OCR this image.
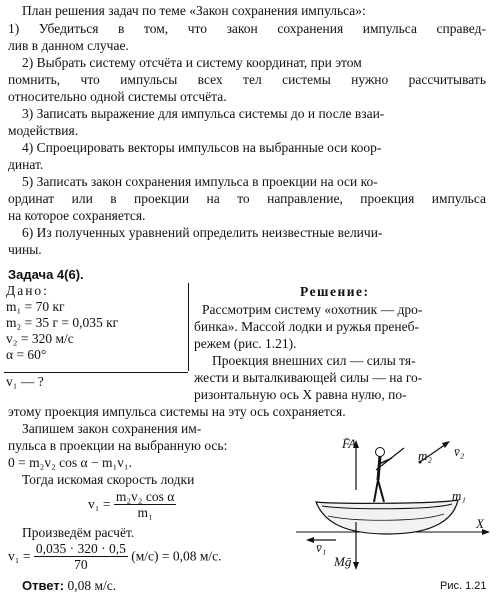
План решения задач по теме «Закон сохранения импульса»:
1) Убедиться в том, что закон сохранения импульса справед-
лив в данном случае.
2) Выбрать систему отсчёта и систему координат, при этом
помнить, что импульсы всех тел системы нужно рассчитывать
относительно одной системы отсчёта.
3) Записать выражение для импульса системы до и после взаи-
модействия.
4) Спроецировать векторы импульсов на выбранные оси коор-
динат.
5) Записать закон сохранения импульса в проекции на оси ко-
ординат или в проекции на то направление, проекция импульса
на которое сохраняется.
6) Из полученных уравнений определить неизвестные величи-
чины.
Задача 4(6).
Дано:
m₁ = 70 кг
m₂ = 35 г = 0,035 кг
v₂ = 320 м/с
α = 60°
v₁ — ?
Решение:
Рассмотрим систему «охотник — дро-
бинка». Массой лодки и ружья пренеб-
режем (рис. 1.21).
Проекция внешних сил — силы тя-
жести и выталкивающей силы — на го-
ризонтальную ось X равна нулю, по-
этому проекция импульса системы на эту ось сохраняется.
Запишем закон сохранения им-
пульса в проекции на выбранную ось:
0 = m₂v₂ cos α − m₁v₁.
Тогда искомая скорость лодки
$v_1 = \frac{\text{m₂v₂ cos α}}{\text{m₁}}$
Произведём расчёт.
$v_1 = \frac{0,035 \cdot 320 \cdot 0,5}{70} (м/с) = 0,08$ м/с.
Ответ: 0,08 м/с.
F̄A
m₂ v̄₂
m₁
X
v̄₁
Mḡ
Рис. 1.21
